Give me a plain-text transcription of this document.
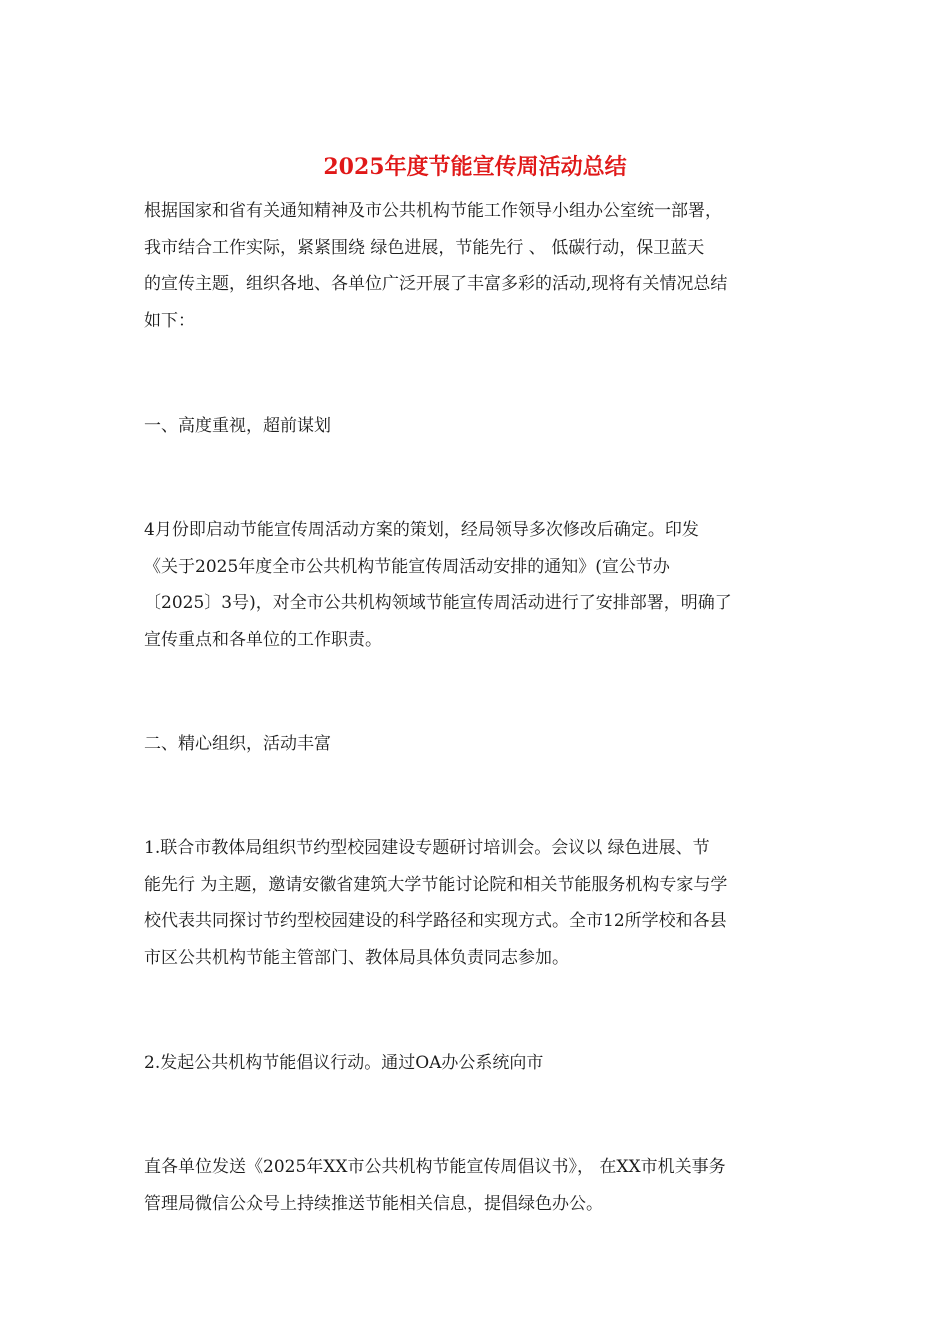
2025年度节能宣传周活动总结
根据国家和省有关通知精神及市公共机构节能工作领导小组办公室统一部署，
我市结合工作实际，紧紧围绕 绿色进展，节能先行 、 低碳行动，保卫蓝天
的宣传主题，组织各地、各单位广泛开展了丰富多彩的活动,现将有关情况总结
如下：
一、高度重视，超前谋划
4月份即启动节能宣传周活动方案的策划，经局领导多次修改后确定。印发
《关于2025年度全市公共机构节能宣传周活动安排的通知》(宣公节办
〔2025〕3号)，对全市公共机构领域节能宣传周活动进行了安排部署，明确了
宣传重点和各单位的工作职责。
二、精心组织，活动丰富
1.联合市教体局组织节约型校园建设专题研讨培训会。会议以 绿色进展、节
能先行 为主题，邀请安徽省建筑大学节能讨论院和相关节能服务机构专家与学
校代表共同探讨节约型校园建设的科学路径和实现方式。全市12所学校和各县
市区公共机构节能主管部门、教体局具体负责同志参加。
2.发起公共机构节能倡议行动。通过OA办公系统向市
直各单位发送《2025年XX市公共机构节能宣传周倡议书》， 在XX市机关事务
管理局微信公众号上持续推送节能相关信息，提倡绿色办公。
